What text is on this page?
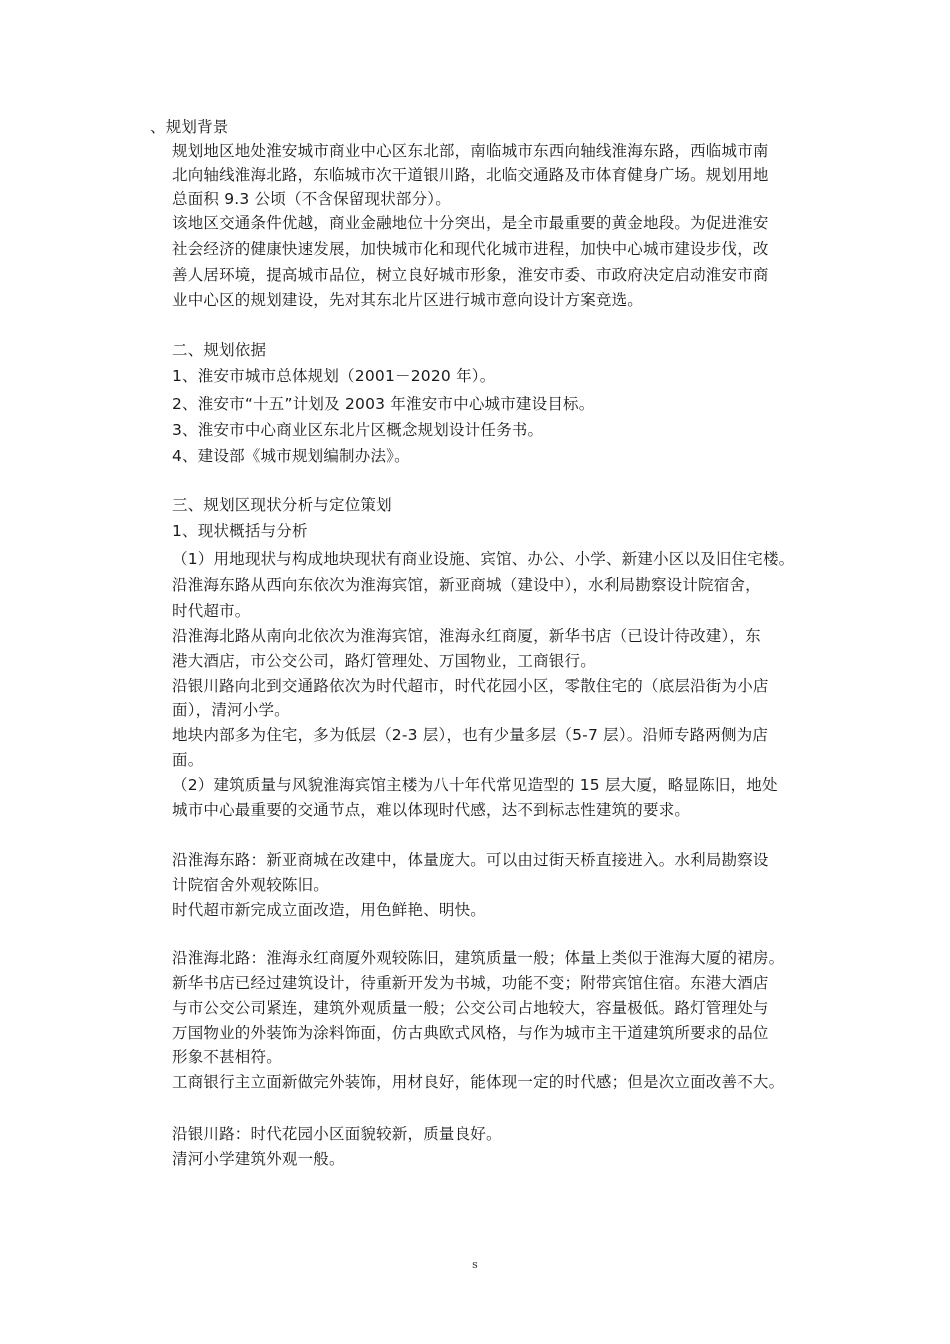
、规划背景
规划地区地处淮安城市商业中心区东北部，南临城市东西向轴线淮海东路，西临城市南
北向轴线淮海北路，东临城市次干道银川路，北临交通路及市体育健身广场。规划用地
总面积 9.3 公顷（不含保留现状部分）。
该地区交通条件优越，商业金融地位十分突出，是全市最重要的黄金地段。为促进淮安
社会经济的健康快速发展，加快城市化和现代化城市进程，加快中心城市建设步伐，改
善人居环境，提高城市品位，树立良好城市形象，淮安市委、市政府决定启动淮安市商
业中心区的规划建设，先对其东北片区进行城市意向设计方案竞选。
二、规划依据
1、淮安市城市总体规划（2001－2020 年）。
2、淮安市“十五”计划及 2003 年淮安市中心城市建设目标。
3、淮安市中心商业区东北片区概念规划设计任务书。
4、建设部《城市规划编制办法》。
三、规划区现状分析与定位策划
1、现状概括与分析
（1）用地现状与构成地块现状有商业设施、宾馆、办公、小学、新建小区以及旧住宅楼。
沿淮海东路从西向东依次为淮海宾馆，新亚商城（建设中），水利局勘察设计院宿舍，
时代超市。
沿淮海北路从南向北依次为淮海宾馆，淮海永红商厦，新华书店（已设计待改建），东
港大酒店，市公交公司，路灯管理处、万国物业，工商银行。
沿银川路向北到交通路依次为时代超市，时代花园小区，零散住宅的（底层沿街为小店
面），清河小学。
地块内部多为住宅，多为低层（2-3 层），也有少量多层（5-7 层）。沿师专路两侧为店
面。
（2）建筑质量与风貌淮海宾馆主楼为八十年代常见造型的 15 层大厦，略显陈旧，地处
城市中心最重要的交通节点，难以体现时代感，达不到标志性建筑的要求。
沿淮海东路：新亚商城在改建中，体量庞大。可以由过街天桥直接进入。水利局勘察设
计院宿舍外观较陈旧。
时代超市新完成立面改造，用色鲜艳、明快。
沿淮海北路：淮海永红商厦外观较陈旧，建筑质量一般；体量上类似于淮海大厦的裙房。
新华书店已经过建筑设计，待重新开发为书城，功能不变；附带宾馆住宿。东港大酒店
与市公交公司紧连，建筑外观质量一般；公交公司占地较大，容量极低。路灯管理处与
万国物业的外装饰为涂料饰面，仿古典欧式风格，与作为城市主干道建筑所要求的品位
形象不甚相符。
工商银行主立面新做完外装饰，用材良好，能体现一定的时代感；但是次立面改善不大。
沿银川路：时代花园小区面貌较新，质量良好。
清河小学建筑外观一般。
s
